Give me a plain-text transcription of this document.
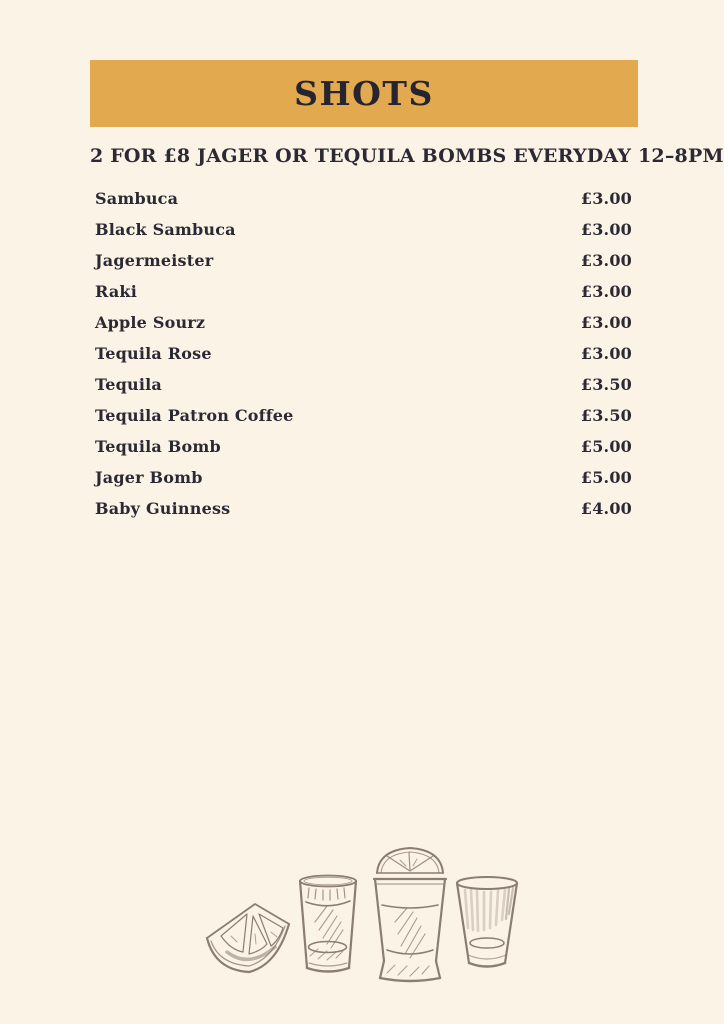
SHOTS

2 FOR £8 JAGER OR TEQUILA BOMBS EVERYDAY 12–8PM

Sambuca	£3.00
Black Sambuca	£3.00
Jagermeister	£3.00
Raki	£3.00
Apple Sourz	£3.00
Tequila Rose	£3.00
Tequila	£3.50
Tequila Patron Coffee	£3.50
Tequila Bomb	£5.00
Jager Bomb	£5.00
Baby Guinness	£4.00
